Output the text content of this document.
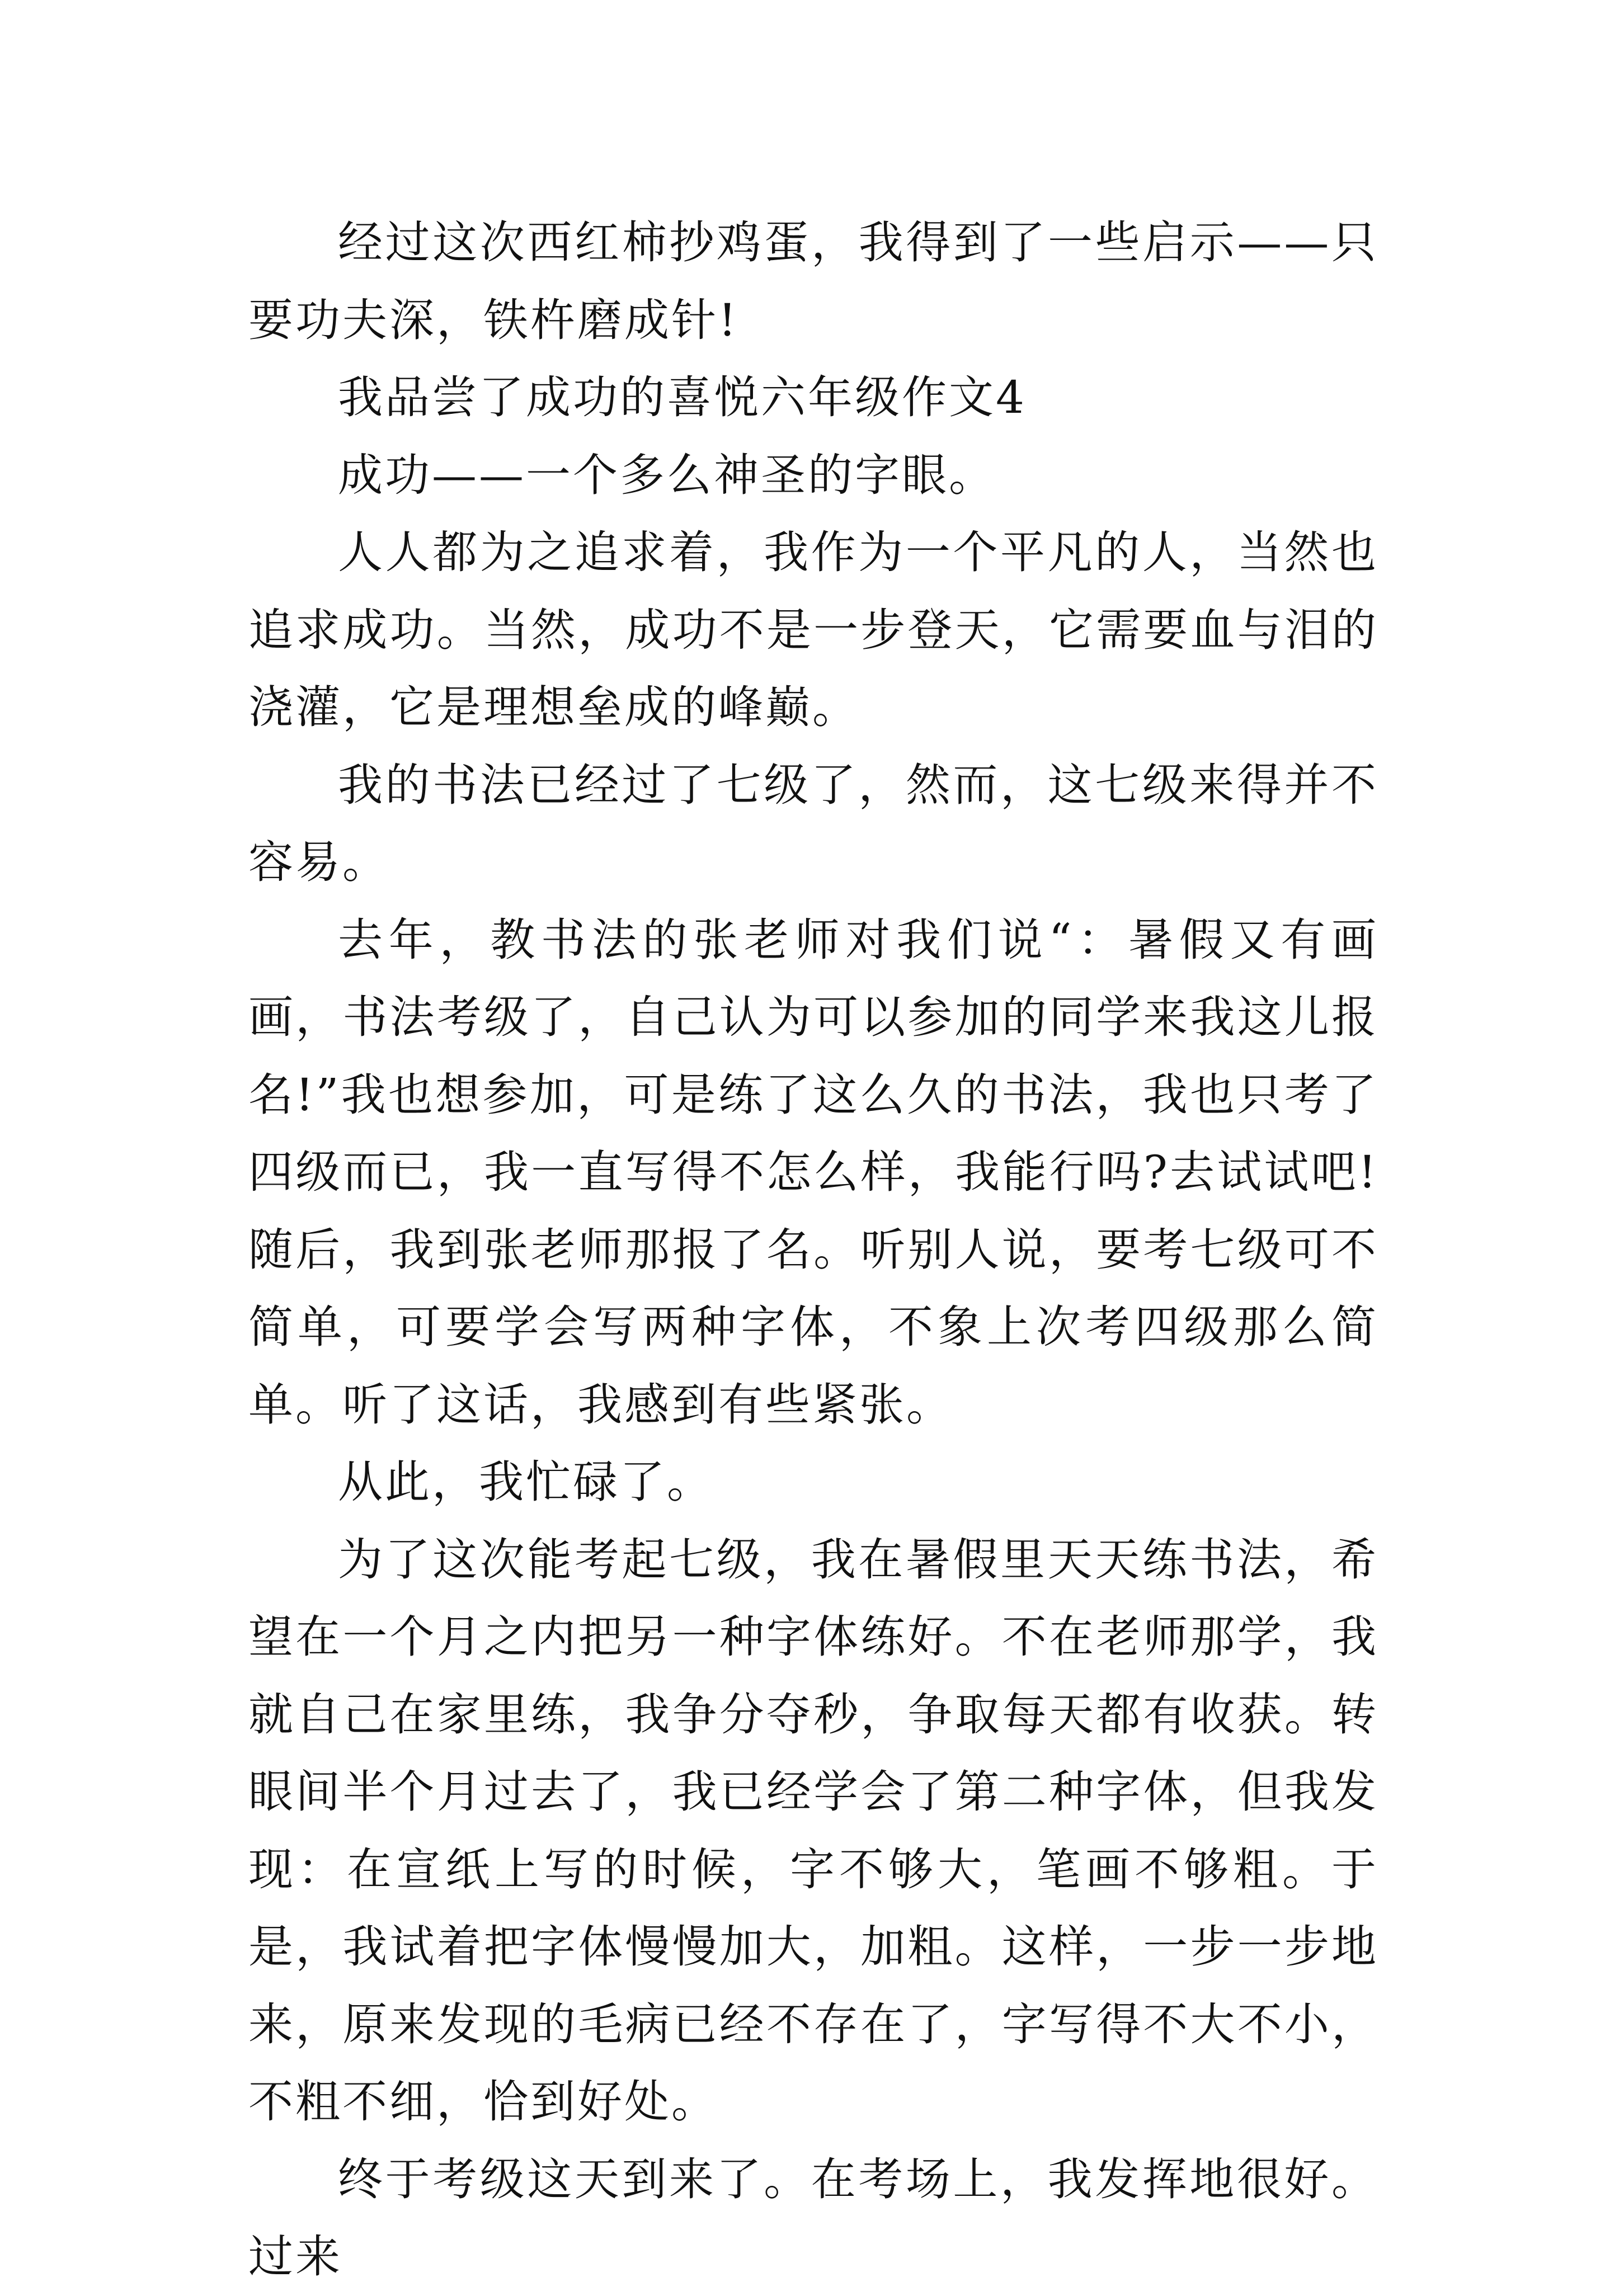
经过这次西红柿抄鸡蛋，我得到了一些启示——只要功夫深，铁杵磨成针!

我品尝了成功的喜悦六年级作文4

成功——一个多么神圣的字眼。

人人都为之追求着，我作为一个平凡的人，当然也追求成功。当然，成功不是一步登天，它需要血与泪的浇灌，它是理想垒成的峰巅。

我的书法已经过了七级了，然而，这七级来得并不容易。

去年，教书法的张老师对我们说“：暑假又有画画，书法考级了，自己认为可以参加的同学来我这儿报名!”我也想参加，可是练了这么久的书法，我也只考了四级而已，我一直写得不怎么样，我能行吗?去试试吧!随后，我到张老师那报了名。听别人说，要考七级可不简单，可要学会写两种字体，不象上次考四级那么简单。听了这话，我感到有些紧张。

从此，我忙碌了。

为了这次能考起七级，我在暑假里天天练书法，希望在一个月之内把另一种字体练好。不在老师那学，我就自己在家里练，我争分夺秒，争取每天都有收获。转眼间半个月过去了，我已经学会了第二种字体，但我发现：在宣纸上写的时候，字不够大，笔画不够粗。于是，我试着把字体慢慢加大，加粗。这样，一步一步地来，原来发现的毛病已经不存在了，字写得不大不小，不粗不细，恰到好处。

终于考级这天到来了。在考场上，我发挥地很好。过来
